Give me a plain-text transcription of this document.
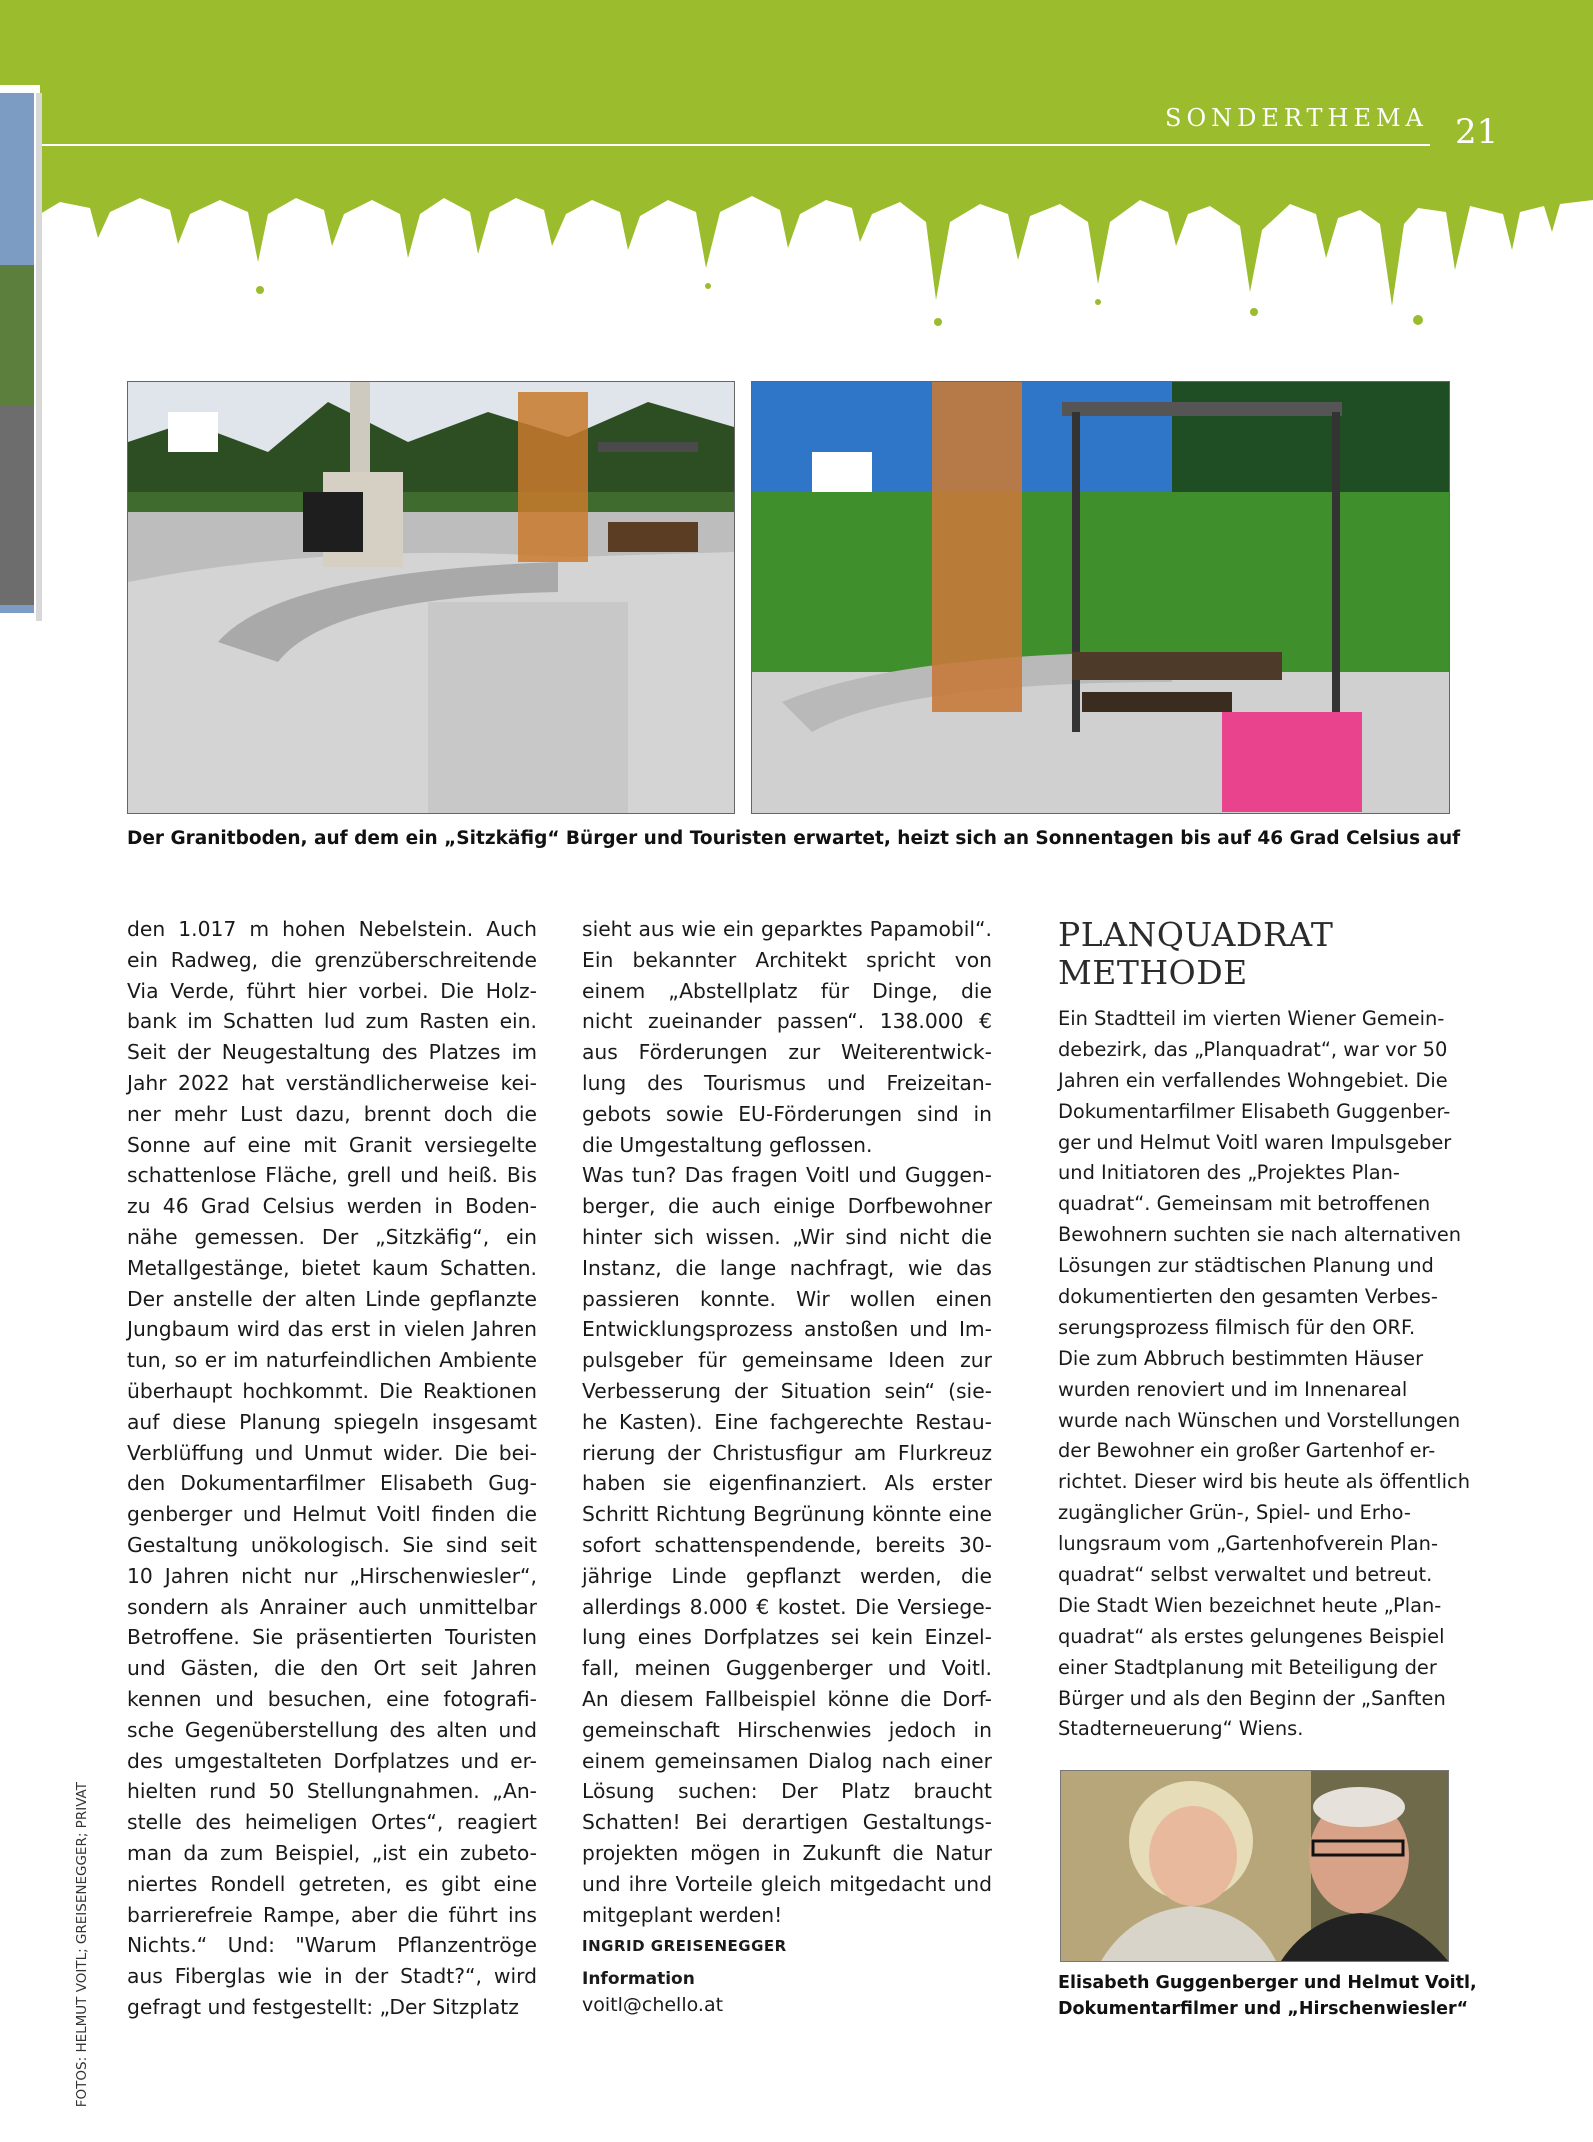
SONDERTHEMA 21
Der Granitboden, auf dem ein „Sitzkäfig“ Bürger und Touristen erwartet, heizt sich an Sonnentagen bis auf 46 Grad Celsius auf
den 1.017 m hohen Nebelstein. Auch
ein Radweg, die grenzüberschreitende
Via Verde, führt hier vorbei. Die Holz-
bank im Schatten lud zum Rasten ein.
Seit der Neugestaltung des Platzes im
Jahr 2022 hat verständlicherweise kei-
ner mehr Lust dazu, brennt doch die
Sonne auf eine mit Granit versiegelte
schattenlose Fläche, grell und heiß. Bis
zu 46 Grad Celsius werden in Boden-
nähe gemessen. Der „Sitzkäfig“, ein
Metallgestänge, bietet kaum Schatten.
Der anstelle der alten Linde gepflanzte
Jungbaum wird das erst in vielen Jahren
tun, so er im naturfeindlichen Ambiente
überhaupt hochkommt. Die Reaktionen
auf diese Planung spiegeln insgesamt
Verblüffung und Unmut wider. Die bei-
den Dokumentarfilmer Elisabeth Gug-
genberger und Helmut Voitl finden die
Gestaltung unökologisch. Sie sind seit
10 Jahren nicht nur „Hirschenwiesler“,
sondern als Anrainer auch unmittelbar
Betroffene. Sie präsentierten Touristen
und Gästen, die den Ort seit Jahren
kennen und besuchen, eine fotografi-
sche Gegenüberstellung des alten und
des umgestalteten Dorfplatzes und er-
hielten rund 50 Stellungnahmen. „An-
stelle des heimeligen Ortes“, reagiert
man da zum Beispiel, „ist ein zubeto-
niertes Rondell getreten, es gibt eine
barrierefreie Rampe, aber die führt ins
Nichts.“ Und: "Warum Pflanzentröge
aus Fiberglas wie in der Stadt?“, wird
gefragt und festgestellt: „Der Sitzplatz
sieht aus wie ein geparktes Papamobil“.
Ein bekannter Architekt spricht von
einem „Abstellplatz für Dinge, die
nicht zueinander passen“. 138.000 €
aus Förderungen zur Weiterentwick-
lung des Tourismus und Freizeitan-
gebots sowie EU-Förderungen sind in
die Umgestaltung geflossen.
Was tun? Das fragen Voitl und Guggen-
berger, die auch einige Dorfbewohner
hinter sich wissen. „Wir sind nicht die
Instanz, die lange nachfragt, wie das
passieren konnte. Wir wollen einen
Entwicklungsprozess anstoßen und Im-
pulsgeber für gemeinsame Ideen zur
Verbesserung der Situation sein“ (sie-
he Kasten). Eine fachgerechte Restau-
rierung der Christusfigur am Flurkreuz
haben sie eigenfinanziert. Als erster
Schritt Richtung Begrünung könnte eine
sofort schattenspendende, bereits 30-
jährige Linde gepflanzt werden, die
allerdings 8.000 € kostet. Die Versiege-
lung eines Dorfplatzes sei kein Einzel-
fall, meinen Guggenberger und Voitl.
An diesem Fallbeispiel könne die Dorf-
gemeinschaft Hirschenwies jedoch in
einem gemeinsamen Dialog nach einer
Lösung suchen: Der Platz braucht
Schatten! Bei derartigen Gestaltungs-
projekten mögen in Zukunft die Natur
und ihre Vorteile gleich mitgedacht und
mitgeplant werden!
INGRID GREISENEGGER
Information
voitl@chello.at
PLANQUADRAT
METHODE
Ein Stadtteil im vierten Wiener Gemein-
debezirk, das „Planquadrat“, war vor 50
Jahren ein verfallendes Wohngebiet. Die
Dokumentarfilmer Elisabeth Guggenber-
ger und Helmut Voitl waren Impulsgeber
und Initiatoren des „Projektes Plan-
quadrat“. Gemeinsam mit betroffenen
Bewohnern suchten sie nach alternativen
Lösungen zur städtischen Planung und
dokumentierten den gesamten Verbes-
serungsprozess filmisch für den ORF.
Die zum Abbruch bestimmten Häuser
wurden renoviert und im Innenareal
wurde nach Wünschen und Vorstellungen
der Bewohner ein großer Gartenhof er-
richtet. Dieser wird bis heute als öffentlich
zugänglicher Grün-, Spiel- und Erho-
lungsraum vom „Gartenhofverein Plan-
quadrat“ selbst verwaltet und betreut.
Die Stadt Wien bezeichnet heute „Plan-
quadrat“ als erstes gelungenes Beispiel
einer Stadtplanung mit Beteiligung der
Bürger und als den Beginn der „Sanften
Stadterneuerung“ Wiens.
Elisabeth Guggenberger und Helmut Voitl,
Dokumentarfilmer und „Hirschenwiesler“
FOTOS: HELMUT VOITL; GREISENEGGER; PRIVAT
